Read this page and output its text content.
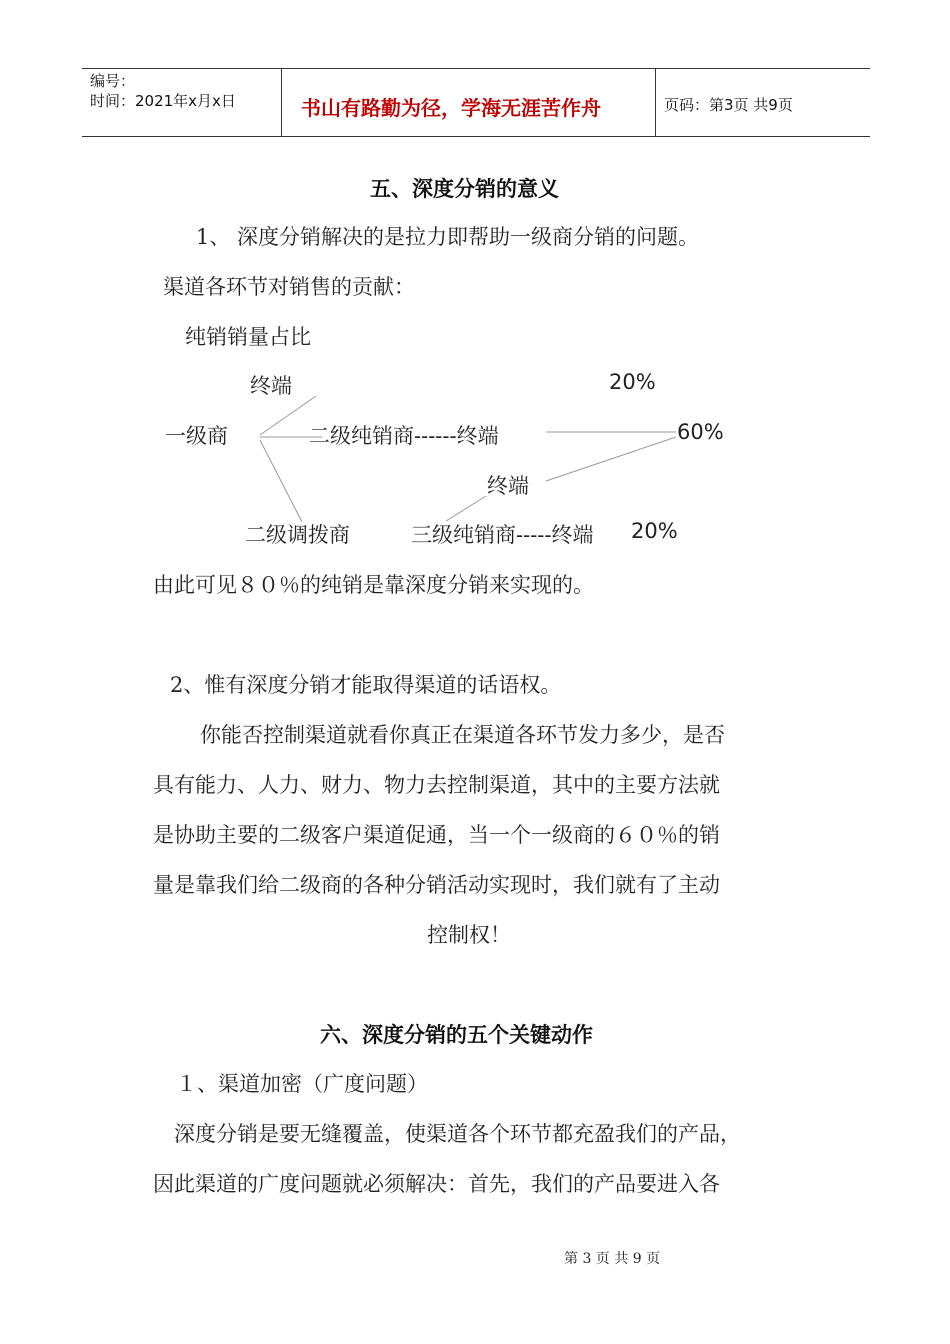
编号：
时间：2021年x月x日	书山有路勤为径，学海无涯苦作舟	页码：第3页 共9页
五、深度分销的意义
1、 深度分销解决的是拉力即帮助一级商分销的问题。
渠道各环节对销售的贡献：
纯销销量占比
终端	20%
一级商	二级纯销商------终端	60%
终端
二级调拨商	三级纯销商-----终端 20%
由此可见８０％的纯销是靠深度分销来实现的。
2、惟有深度分销才能取得渠道的话语权。
你能否控制渠道就看你真正在渠道各环节发力多少，是否
具有能力、人力、财力、物力去控制渠道，其中的主要方法就
是协助主要的二级客户渠道促通，当一个一级商的６０％的销
量是靠我们给二级商的各种分销活动实现时，我们就有了主动
控制权！
六、深度分销的五个关键动作
１、渠道加密（广度问题）
深度分销是要无缝覆盖，使渠道各个环节都充盈我们的产品，
因此渠道的广度问题就必须解决：首先，我们的产品要进入各
第 3 页 共 9 页
